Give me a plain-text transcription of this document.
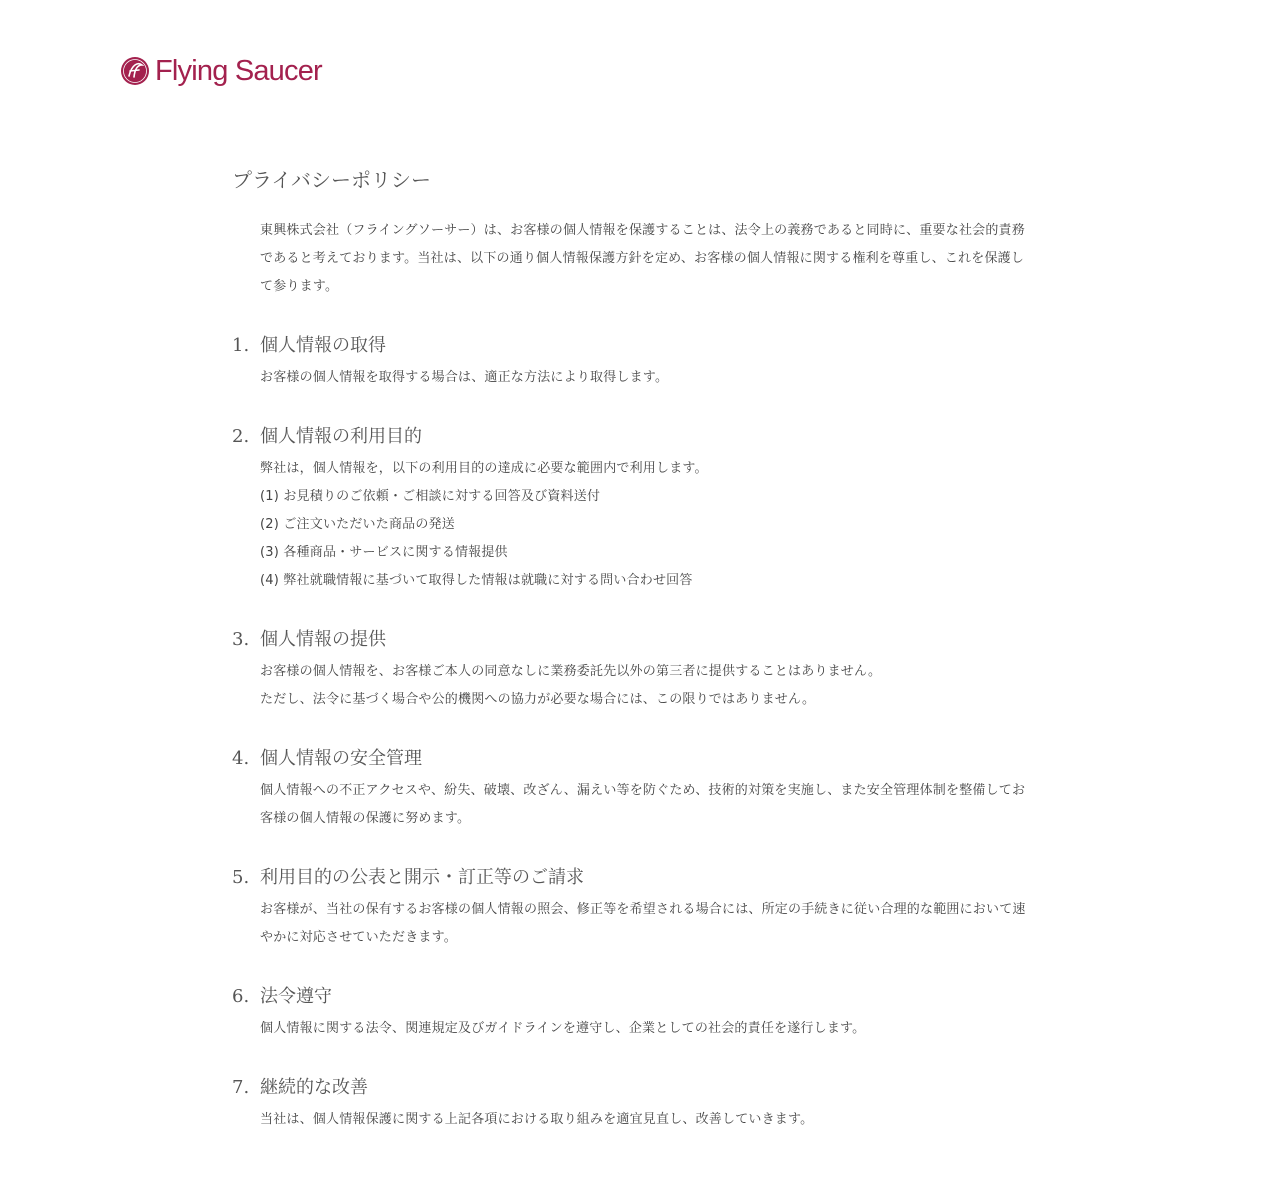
Flying Saucer
プライバシーポリシー

東興株式会社（フライングソーサー）は、お客様の個人情報を保護することは、法令上の義務であると同時に、重要な社会的責務であると考えております。当社は、以下の通り個人情報保護方針を定め、お客様の個人情報に関する権利を尊重し、これを保護して参ります。

1. 個人情報の取得
お客様の個人情報を取得する場合は、適正な方法により取得します。
2. 個人情報の利用目的
弊社は，個人情報を，以下の利用目的の達成に必要な範囲内で利用します。
(1) お見積りのご依頼・ご相談に対する回答及び資料送付
(2) ご注文いただいた商品の発送
(3) 各種商品・サービスに関する情報提供
(4) 弊社就職情報に基づいて取得した情報は就職に対する問い合わせ回答
3. 個人情報の提供
お客様の個人情報を、お客様ご本人の同意なしに業務委託先以外の第三者に提供することはありません。
ただし、法令に基づく場合や公的機関への協力が必要な場合には、この限りではありません。
4. 個人情報の安全管理
個人情報への不正アクセスや、紛失、破壊、改ざん、漏えい等を防ぐため、技術的対策を実施し、また安全管理体制を整備してお客様の個人情報の保護に努めます。
5. 利用目的の公表と開示・訂正等のご請求
お客様が、当社の保有するお客様の個人情報の照会、修正等を希望される場合には、所定の手続きに従い合理的な範囲において速やかに対応させていただきます。
6. 法令遵守
個人情報に関する法令、関連規定及びガイドラインを遵守し、企業としての社会的責任を遂行します。
7. 継続的な改善
当社は、個人情報保護に関する上記各項における取り組みを適宜見直し、改善していきます。
